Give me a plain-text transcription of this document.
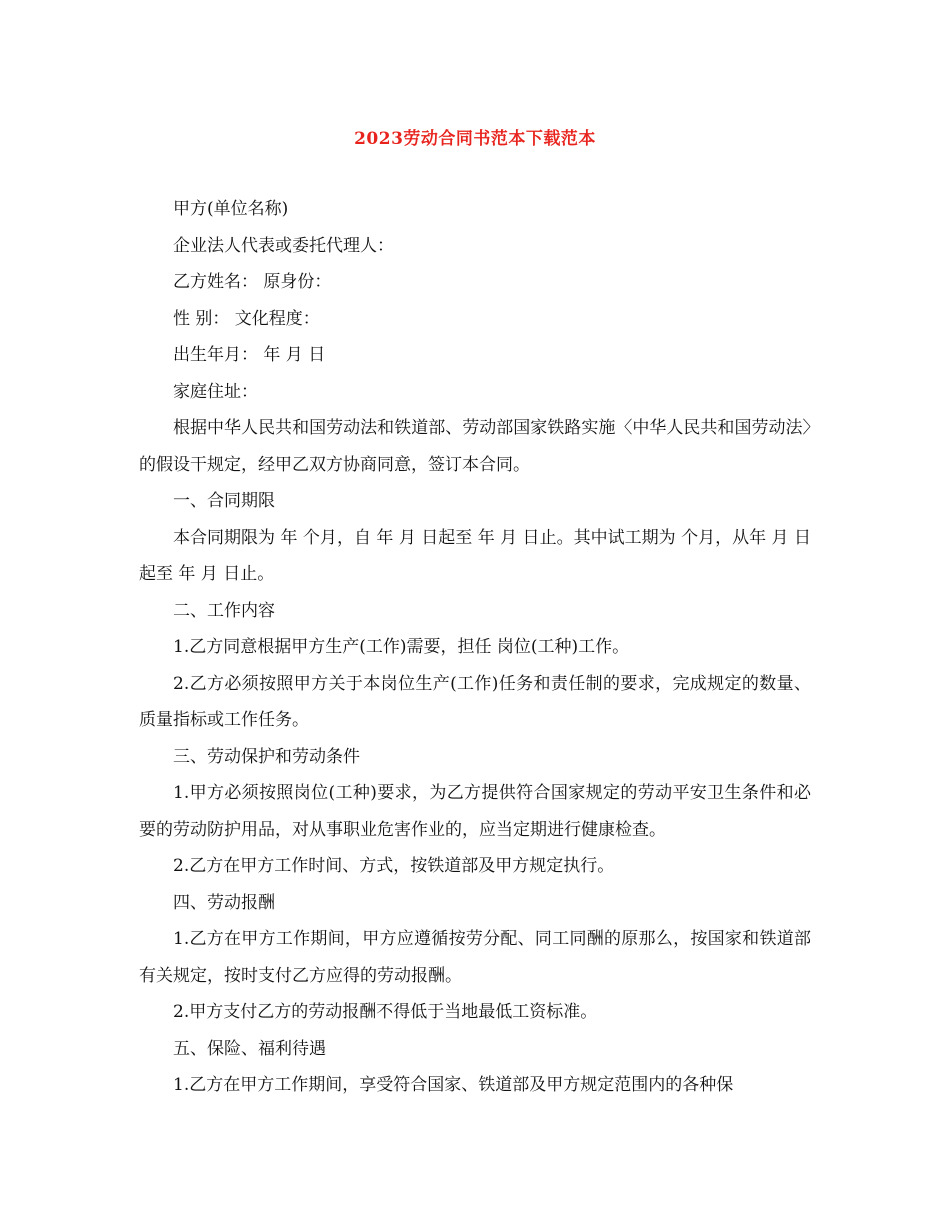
2023劳动合同书范本下载范本

甲方(单位名称)

企业法人代表或委托代理人：

乙方姓名： 原身份：

性 别： 文化程度：

出生年月： 年 月 日

家庭住址：

根据中华人民共和国劳动法和铁道部、劳动部国家铁路实施〈中华人民共和国劳动法〉的假设干规定，经甲乙双方协商同意，签订本合同。

一、合同期限

本合同期限为 年 个月，自 年 月 日起至 年 月 日止。其中试工期为 个月，从年 月 日起至 年 月 日止。

二、工作内容

1.乙方同意根据甲方生产(工作)需要，担任 岗位(工种)工作。

2.乙方必须按照甲方关于本岗位生产(工作)任务和责任制的要求，完成规定的数量、质量指标或工作任务。

三、劳动保护和劳动条件

1.甲方必须按照岗位(工种)要求，为乙方提供符合国家规定的劳动平安卫生条件和必要的劳动防护用品，对从事职业危害作业的，应当定期进行健康检查。

2.乙方在甲方工作时间、方式，按铁道部及甲方规定执行。

四、劳动报酬

1.乙方在甲方工作期间，甲方应遵循按劳分配、同工同酬的原那么，按国家和铁道部有关规定，按时支付乙方应得的劳动报酬。

2.甲方支付乙方的劳动报酬不得低于当地最低工资标准。

五、保险、福利待遇

1.乙方在甲方工作期间，享受符合国家、铁道部及甲方规定范围内的各种保
